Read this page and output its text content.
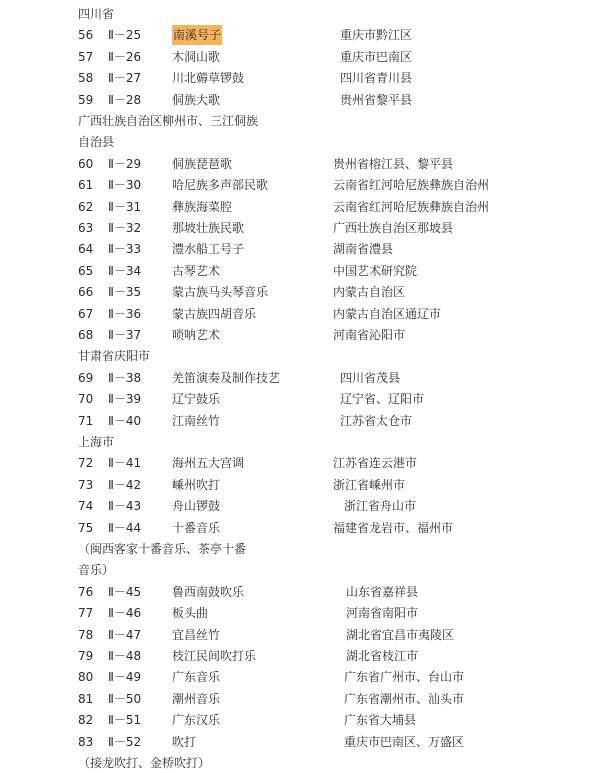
四川省
56 Ⅱ－25	南溪号子	重庆市黔江区
57 Ⅱ－26	木洞山歌	重庆市巴南区
58 Ⅱ－27	川北薅草锣鼓	四川省青川县
59 Ⅱ－28	侗族大歌	贵州省黎平县
广西壮族自治区柳州市、三江侗族
自治县
60 Ⅱ－29	侗族琵琶歌	贵州省榕江县、黎平县
61 Ⅱ－30	哈尼族多声部民歌	云南省红河哈尼族彝族自治州
62 Ⅱ－31	彝族海菜腔	云南省红河哈尼族彝族自治州
63 Ⅱ－32	那坡壮族民歌	广西壮族自治区那坡县
64 Ⅱ－33	澧水船工号子	湖南省澧县
65 Ⅱ－34	古琴艺术	中国艺术研究院
66 Ⅱ－35	蒙古族马头琴音乐	内蒙古自治区
67 Ⅱ－36	蒙古族四胡音乐	内蒙古自治区通辽市
68 Ⅱ－37	唢呐艺术	河南省沁阳市
甘肃省庆阳市
69 Ⅱ－38	羌笛演奏及制作技艺	四川省茂县
70 Ⅱ－39	辽宁鼓乐	辽宁省、辽阳市
71 Ⅱ－40	江南丝竹	江苏省太仓市
上海市
72 Ⅱ－41	海州五大宫调	江苏省连云港市
73 Ⅱ－42	嵊州吹打	浙江省嵊州市
74 Ⅱ－43	舟山锣鼓	浙江省舟山市
75 Ⅱ－44	十番音乐	福建省龙岩市、福州市
（闽西客家十番音乐、茶亭十番
音乐）
76 Ⅱ－45	鲁西南鼓吹乐	山东省嘉祥县
77 Ⅱ－46	板头曲	河南省南阳市
78 Ⅱ－47	宜昌丝竹	湖北省宜昌市夷陵区
79 Ⅱ－48	枝江民间吹打乐	湖北省枝江市
80 Ⅱ－49	广东音乐	广东省广州市、台山市
81 Ⅱ－50	潮州音乐	广东省潮州市、汕头市
82 Ⅱ－51	广东汉乐	广东省大埔县
83 Ⅱ－52	吹打	重庆市巴南区、万盛区
（接龙吹打、金桥吹打）
